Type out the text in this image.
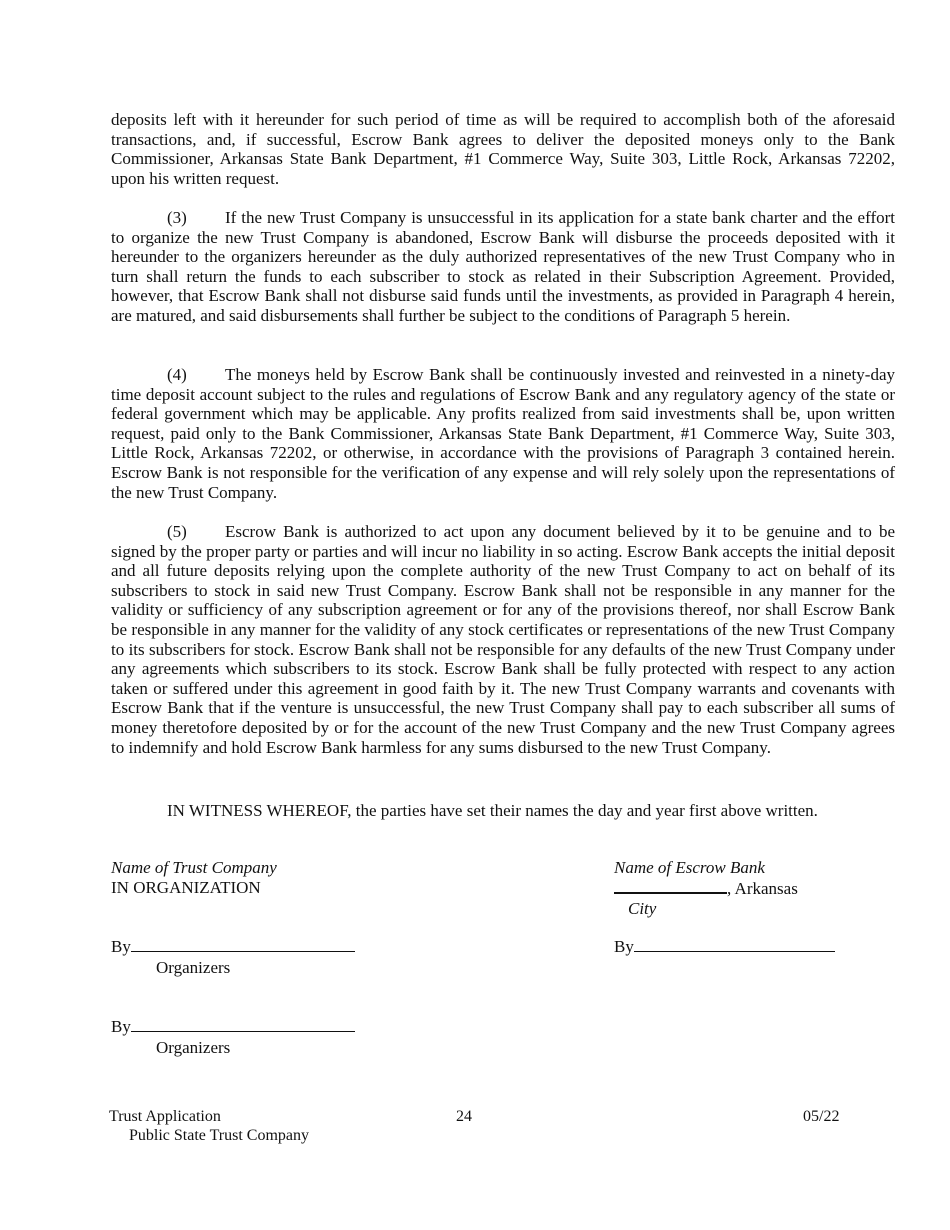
deposits left with it hereunder for such period of time as will be required to accomplish both of the aforesaid transactions, and, if successful, Escrow Bank agrees to deliver the deposited moneys only to the Bank Commissioner, Arkansas State Bank Department, #1 Commerce Way, Suite 303, Little Rock, Arkansas 72202, upon his written request.

(3) If the new Trust Company is unsuccessful in its application for a state bank charter and the effort to organize the new Trust Company is abandoned, Escrow Bank will disburse the proceeds deposited with it hereunder to the organizers hereunder as the duly authorized representatives of the new Trust Company who in turn shall return the funds to each subscriber to stock as related in their Subscription Agreement. Provided, however, that Escrow Bank shall not disburse said funds until the investments, as provided in Paragraph 4 herein, are matured, and said disbursements shall further be subject to the conditions of Paragraph 5 herein.

(4) The moneys held by Escrow Bank shall be continuously invested and reinvested in a ninety-day time deposit account subject to the rules and regulations of Escrow Bank and any regulatory agency of the state or federal government which may be applicable. Any profits realized from said investments shall be, upon written request, paid only to the Bank Commissioner, Arkansas State Bank Department, #1 Commerce Way, Suite 303, Little Rock, Arkansas 72202, or otherwise, in accordance with the provisions of Paragraph 3 contained herein. Escrow Bank is not responsible for the verification of any expense and will rely solely upon the representations of the new Trust Company.

(5) Escrow Bank is authorized to act upon any document believed by it to be genuine and to be signed by the proper party or parties and will incur no liability in so acting. Escrow Bank accepts the initial deposit and all future deposits relying upon the complete authority of the new Trust Company to act on behalf of its subscribers to stock in said new Trust Company. Escrow Bank shall not be responsible in any manner for the validity or sufficiency of any subscription agreement or for any of the provisions thereof, nor shall Escrow Bank be responsible in any manner for the validity of any stock certificates or representations of the new Trust Company to its subscribers for stock. Escrow Bank shall not be responsible for any defaults of the new Trust Company under any agreements which subscribers to its stock. Escrow Bank shall be fully protected with respect to any action taken or suffered under this agreement in good faith by it. The new Trust Company warrants and covenants with Escrow Bank that if the venture is unsuccessful, the new Trust Company shall pay to each subscriber all sums of money theretofore deposited by or for the account of the new Trust Company and the new Trust Company agrees to indemnify and hold Escrow Bank harmless for any sums disbursed to the new Trust Company.

IN WITNESS WHEREOF, the parties have set their names the day and year first above written.
Name of Trust Company
IN ORGANIZATION
By
Organizers
By
Organizers
Name of Escrow Bank
, Arkansas
City
By
Trust Application
Public State Trust Company
24	05/22
